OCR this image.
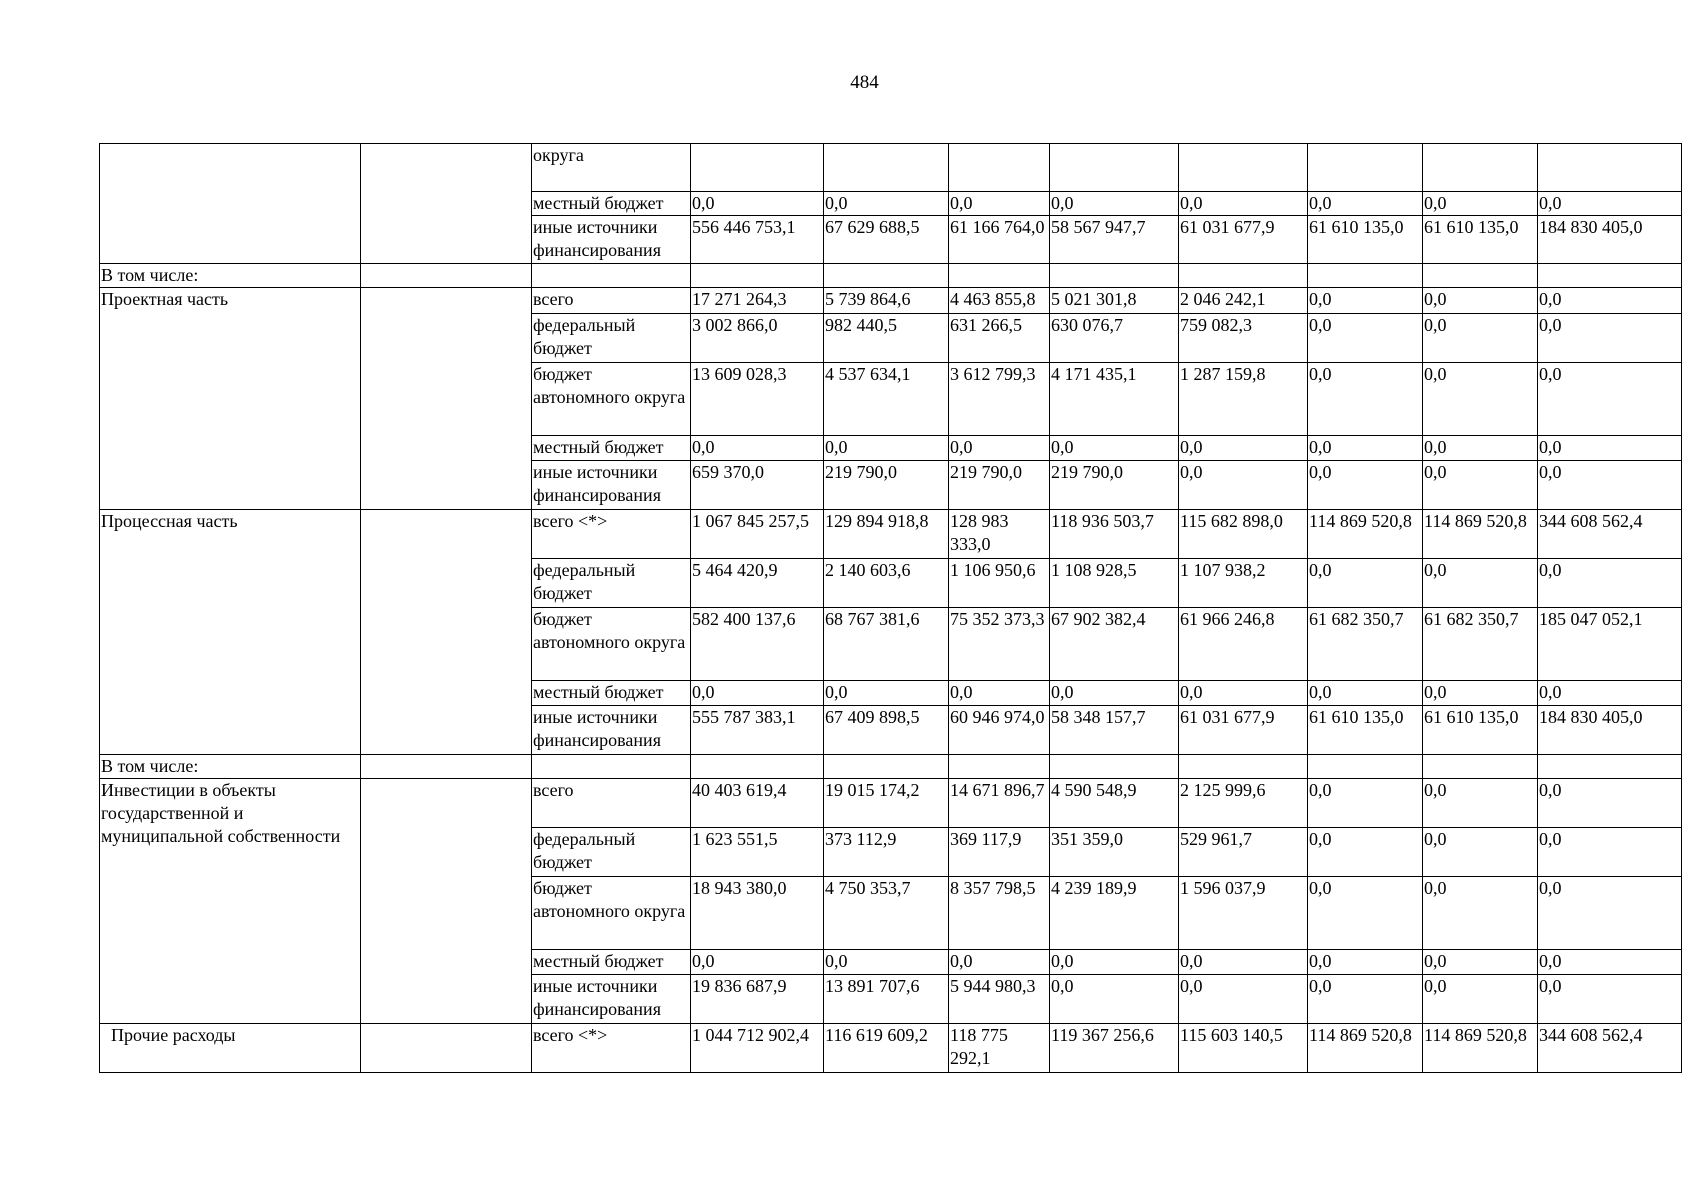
484
		округа								
		местный бюджет	0,0	0,0	0,0	0,0	0,0	0,0	0,0	0,0
		иные источники финансирования	556 446 753,1	67 629 688,5	61 166 764,0	58 567 947,7	61 031 677,9	61 610 135,0	61 610 135,0	184 830 405,0
В том числе:										
Проектная часть		всего	17 271 264,3	5 739 864,6	4 463 855,8	5 021 301,8	2 046 242,1	0,0	0,0	0,0
		федеральный бюджет	3 002 866,0	982 440,5	631 266,5	630 076,7	759 082,3	0,0	0,0	0,0
		бюджет автономного округа	13 609 028,3	4 537 634,1	3 612 799,3	4 171 435,1	1 287 159,8	0,0	0,0	0,0
		местный бюджет	0,0	0,0	0,0	0,0	0,0	0,0	0,0	0,0
		иные источники финансирования	659 370,0	219 790,0	219 790,0	219 790,0	0,0	0,0	0,0	0,0
Процессная часть		всего <*>	1 067 845 257,5	129 894 918,8	128 983 333,0	118 936 503,7	115 682 898,0	114 869 520,8	114 869 520,8	344 608 562,4
		федеральный бюджет	5 464 420,9	2 140 603,6	1 106 950,6	1 108 928,5	1 107 938,2	0,0	0,0	0,0
		бюджет автономного округа	582 400 137,6	68 767 381,6	75 352 373,3	67 902 382,4	61 966 246,8	61 682 350,7	61 682 350,7	185 047 052,1
		местный бюджет	0,0	0,0	0,0	0,0	0,0	0,0	0,0	0,0
		иные источники финансирования	555 787 383,1	67 409 898,5	60 946 974,0	58 348 157,7	61 031 677,9	61 610 135,0	61 610 135,0	184 830 405,0
В том числе:										
Инвестиции в объекты государственной и муниципальной собственности		всего	40 403 619,4	19 015 174,2	14 671 896,7	4 590 548,9	2 125 999,6	0,0	0,0	0,0
		федеральный бюджет	1 623 551,5	373 112,9	369 117,9	351 359,0	529 961,7	0,0	0,0	0,0
		бюджет автономного округа	18 943 380,0	4 750 353,7	8 357 798,5	4 239 189,9	1 596 037,9	0,0	0,0	0,0
		местный бюджет	0,0	0,0	0,0	0,0	0,0	0,0	0,0	0,0
		иные источники финансирования	19 836 687,9	13 891 707,6	5 944 980,3	0,0	0,0	0,0	0,0	0,0
Прочие расходы		всего <*>	1 044 712 902,4	116 619 609,2	118 775 292,1	119 367 256,6	115 603 140,5	114 869 520,8	114 869 520,8	344 608 562,4
